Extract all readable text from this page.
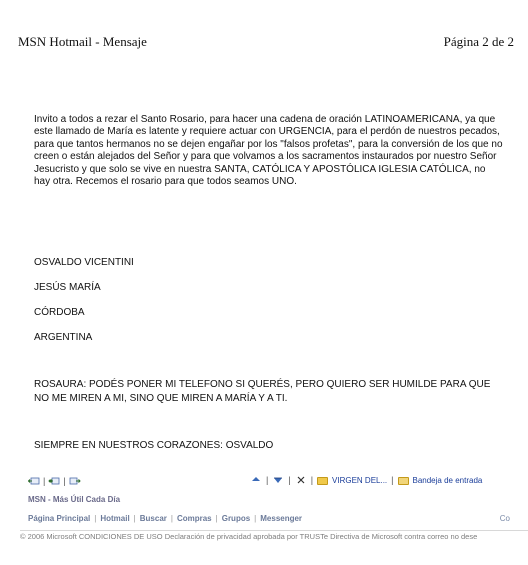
MSN Hotmail - Mensaje	Página 2 de 2
Invito a todos a rezar el Santo Rosario, para hacer una cadena de oración LATINOAMERICANA, ya que este llamado de María es latente y requiere actuar con URGENCIA, para el perdón de nuestros pecados, para que tantos hermanos no se dejen engañar por los "falsos profetas", para la conversión de los que no creen o están alejados del Señor y para que volvamos a los sacramentos instaurados por nuestro Señor Jesucristo y que solo se vive en nuestra SANTA, CATÓLICA Y APOSTÓLICA IGLESIA CATÓLICA, no hay otra. Recemos el rosario para que todos seamos UNO.
OSVALDO VICENTINI
JESÚS MARÍA
CÓRDOBA
ARGENTINA
ROSAURA: PODÉS PONER MI TELEFONO SI QUERÉS, PERO QUIERO SER HUMILDE PARA QUE NO ME MIREN A MI, SINO QUE MIREN A MARÍA Y A TI.
SIEMPRE EN NUESTROS CORAZONES: OSVALDO
| |	| | | VIRGEN DEL... | Bandeja de entrada
MSN - Más Útil Cada Día
Página Principal | Hotmail | Buscar | Compras | Grupos | Messenger	Co
© 2006 Microsoft CONDICIONES DE USO Declaración de privacidad aprobada por TRUSTe Directiva de Microsoft contra correo no dese
